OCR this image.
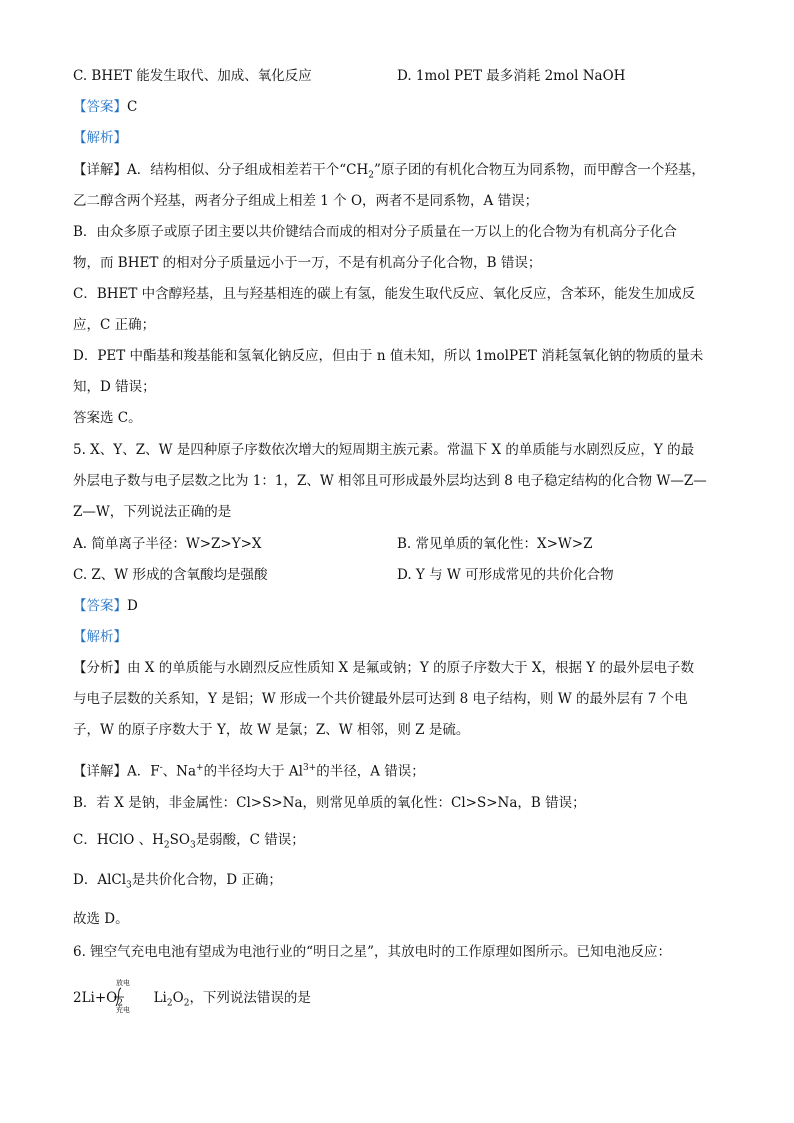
C. BHET 能发生取代、加成、氧化反应	D. 1mol PET 最多消耗 2mol NaOH
【答案】C
【解析】
【详解】A．结构相似、分子组成相差若干个“$CH_2$”原子团的有机化合物互为同系物，而甲醇含一个羟基，
乙二醇含两个羟基，两者分子组成上相差 1 个 O，两者不是同系物，A 错误；
B．由众多原子或原子团主要以共价键结合而成的相对分子质量在一万以上的化合物为有机高分子化合
物，而 BHET 的相对分子质量远小于一万，不是有机高分子化合物，B 错误；
C．BHET 中含醇羟基，且与羟基相连的碳上有氢，能发生取代反应、氧化反应，含苯环，能发生加成反
应，C 正确；
D．PET 中酯基和羧基能和氢氧化钠反应，但由于 n 值未知，所以 1molPET 消耗氢氧化钠的物质的量未
知，D 错误；
答案选 C。
5. X、Y、Z、W 是四种原子序数依次增大的短周期主族元素。常温下 X 的单质能与水剧烈反应，Y 的最
外层电子数与电子层数之比为 1：1，Z、W 相邻且可形成最外层均达到 8 电子稳定结构的化合物 W—Z—
Z—W，下列说法正确的是
A. 简单离子半径：W>Z>Y>X	B. 常见单质的氧化性：X>W>Z
C. Z、W 形成的含氧酸均是强酸	D. Y 与 W 可形成常见的共价化合物
【答案】D
【解析】
【分析】由 X 的单质能与水剧烈反应性质知 X 是氟或钠；Y 的原子序数大于 X，根据 Y 的最外层电子数
与电子层数的关系知，Y 是铝；W 形成一个共价键最外层可达到 8 电子结构，则 W 的最外层有 7 个电
子，W 的原子序数大于 Y，故 W 是氯；Z、W 相邻，则 Z 是硫。
【详解】A．F-、Na+的半径均大于 $Al^{3+}$的半径，A 错误；
B．若 X 是钠，非金属性：Cl>S>Na，则常见单质的氧化性：Cl>S>Na，B 错误；
C．HClO 、$H_2SO_3$是弱酸，C 错误；
D．AlCl$_3$是共价化合物，D 正确；
故选 D。
6. 锂空气充电电池有望成为电池行业的“明日之星”，其放电时的工作原理如图所示。已知电池反应：
$2Li+O_2$ $Li_2O_2$，下列说法错误的是
放电
充电
